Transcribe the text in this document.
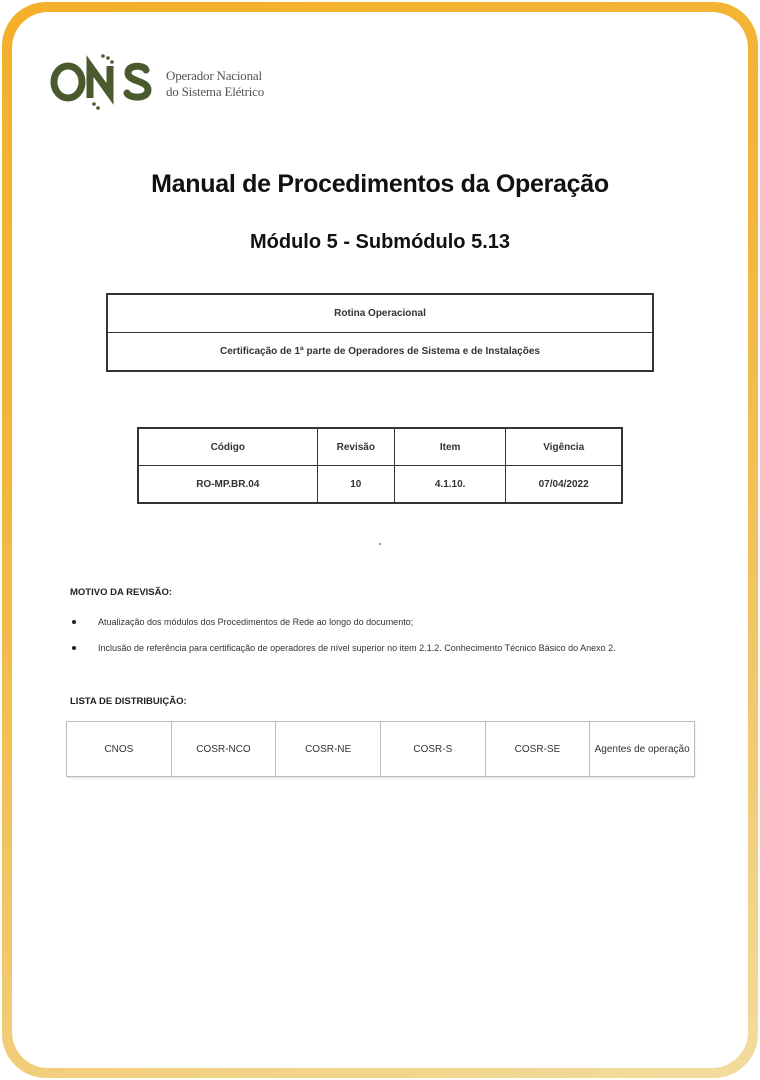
Operador Nacional
do Sistema Elétrico
Manual de Procedimentos da Operação
Módulo 5 - Submódulo 5.13
Rotina Operacional
Certificação de 1ª parte de Operadores de Sistema e de Instalações
Código	Revisão	Item	Vigência
RO-MP.BR.04	10	4.1.10.	07/04/2022
MOTIVO DA REVISÃO:
Atualização dos módulos dos Procedimentos de Rede ao longo do documento;
Inclusão de referência para certificação de operadores de nível superior no item 2.1.2. Conhecimento Técnico Básico do Anexo 2.
LISTA DE DISTRIBUIÇÃO:
CNOS	COSR-NCO	COSR-NE	COSR-S	COSR-SE	Agentes de operação
